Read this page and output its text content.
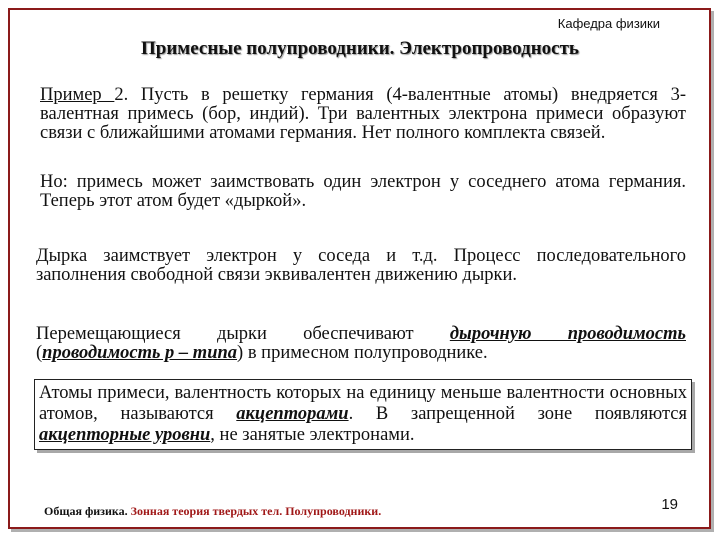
Кафедра физики
Примесные полупроводники. Электропроводность
Пример 2. Пусть в решетку германия (4-валентные атомы) внедряется 3-валентная примесь (бор, индий). Три валентных электрона примеси образуют связи с ближайшими атомами германия. Нет полного комплекта связей.
Но: примесь может заимствовать один электрон у соседнего атома германия. Теперь этот атом будет «дыркой».
Дырка заимствует электрон у соседа и т.д. Процесс последовательного заполнения свободной связи эквивалентен движению дырки.
Перемещающиеся дырки обеспечивают дырочную проводимость (проводимость р – типа) в примесном полупроводнике.
Атомы примеси, валентность которых на единицу меньше валентности основных атомов, называются акцепторами. В запрещенной зоне появляются акцепторные уровни, не занятые электронами.
Общая физика. Зонная теория твердых тел. Полупроводники.	19
